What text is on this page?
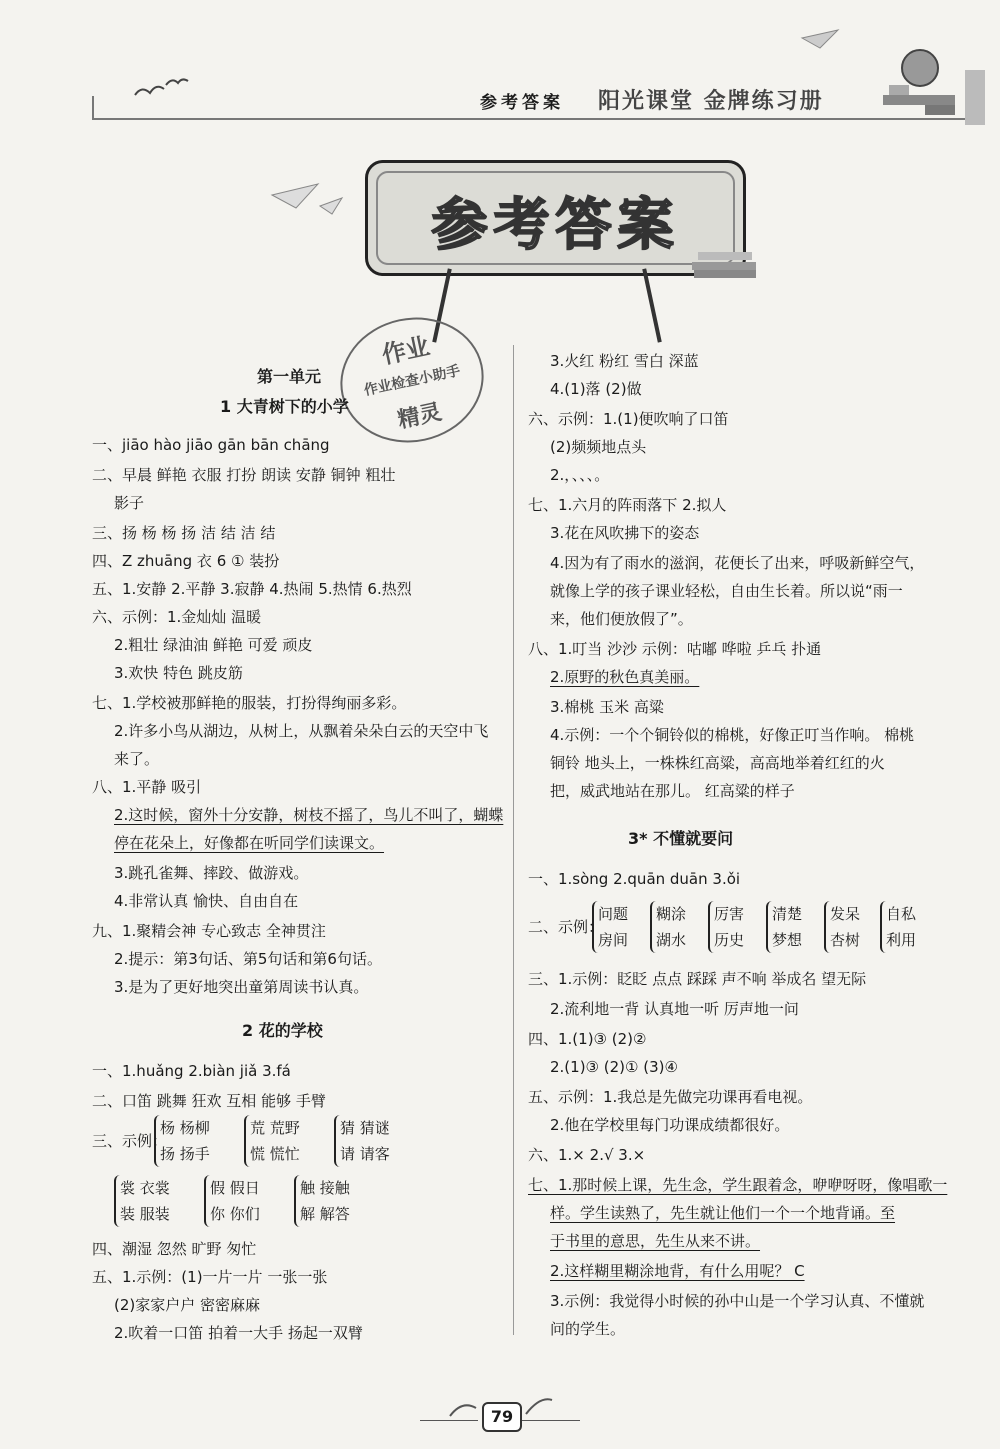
参考答案 阳光课堂 金牌练习册
参考答案
作业
作业检查小助手
精灵
第一单元
1 大青树下的小学
一、jiāo hào jiāo gān bān chāng
二、早晨 鲜艳 衣服 打扮 朗读 安静 铜钟 粗壮
影子
三、扬 杨 杨 扬 洁 结 洁 结
四、Z zhuāng 衣 6 ① 装扮
五、1.安静 2.平静 3.寂静 4.热闹 5.热情 6.热烈
六、示例：1.金灿灿 温暖
2.粗壮 绿油油 鲜艳 可爱 顽皮
3.欢快 特色 跳皮筋
七、1.学校被那鲜艳的服装，打扮得绚丽多彩。
2.许多小鸟从湖边，从树上，从飘着朵朵白云的天空中飞
来了。
八、1.平静 吸引
2.这时候，窗外十分安静，树枝不摇了，鸟儿不叫了，蝴蝶
停在花朵上，好像都在听同学们读课文。
3.跳孔雀舞、摔跤、做游戏。
4.非常认真 愉快、自由自在
九、1.聚精会神 专心致志 全神贯注
2.提示：第3句话、第5句话和第6句话。
3.是为了更好地突出童第周读书认真。
2 花的学校
一、1.huǎng 2.biàn jiǎ 3.fá
二、口笛 跳舞 狂欢 互相 能够 手臂
三、示例：
杨 杨柳
扬 扬手
荒 荒野
慌 慌忙
猜 猜谜
请 请客
裳 衣裳
装 服装
假 假日
你 你们
触 接触
解 解答
四、潮湿 忽然 旷野 匆忙
五、1.示例：(1)一片一片 一张一张
(2)家家户户 密密麻麻
2.吹着一口笛 拍着一大手 扬起一双臂
3.火红 粉红 雪白 深蓝
4.(1)落 (2)做
六、示例：1.(1)便吹响了口笛
(2)频频地点头
2.，、、、。
七、1.六月的阵雨落下 2.拟人
3.花在风吹拂下的姿态
4.因为有了雨水的滋润，花便长了出来，呼吸新鲜空气，
就像上学的孩子课业轻松，自由生长着。所以说“雨一
来，他们便放假了”。
八、1.叮当 沙沙 示例：咕嘟 哗啦 乒乓 扑通
2.原野的秋色真美丽。
3.棉桃 玉米 高粱
4.示例：一个个铜铃似的棉桃，好像正叮当作响。 棉桃
铜铃 地头上，一株株红高粱，高高地举着红红的火
把，威武地站在那儿。 红高粱的样子
3* 不懂就要问
一、1.sòng 2.quān duān 3.ǒi
二、示例：
问题
房间
糊涂
湖水
厉害
历史
清楚
梦想
发呆
杏树
自私
利用
三、1.示例：眨眨 点点 踩踩 声不响 举成名 望无际
2.流利地一背 认真地一听 厉声地一问
四、1.(1)③ (2)②
2.(1)③ (2)① (3)④
五、示例：1.我总是先做完功课再看电视。
2.他在学校里每门功课成绩都很好。
六、1.× 2.√ 3.×
七、1.那时候上课，先生念，学生跟着念，咿咿呀呀，像唱歌一
样。学生读熟了，先生就让他们一个一个地背诵。至
于书里的意思，先生从来不讲。
2.这样糊里糊涂地背，有什么用呢？ C
3.示例：我觉得小时候的孙中山是一个学习认真、不懂就
问的学生。
79
